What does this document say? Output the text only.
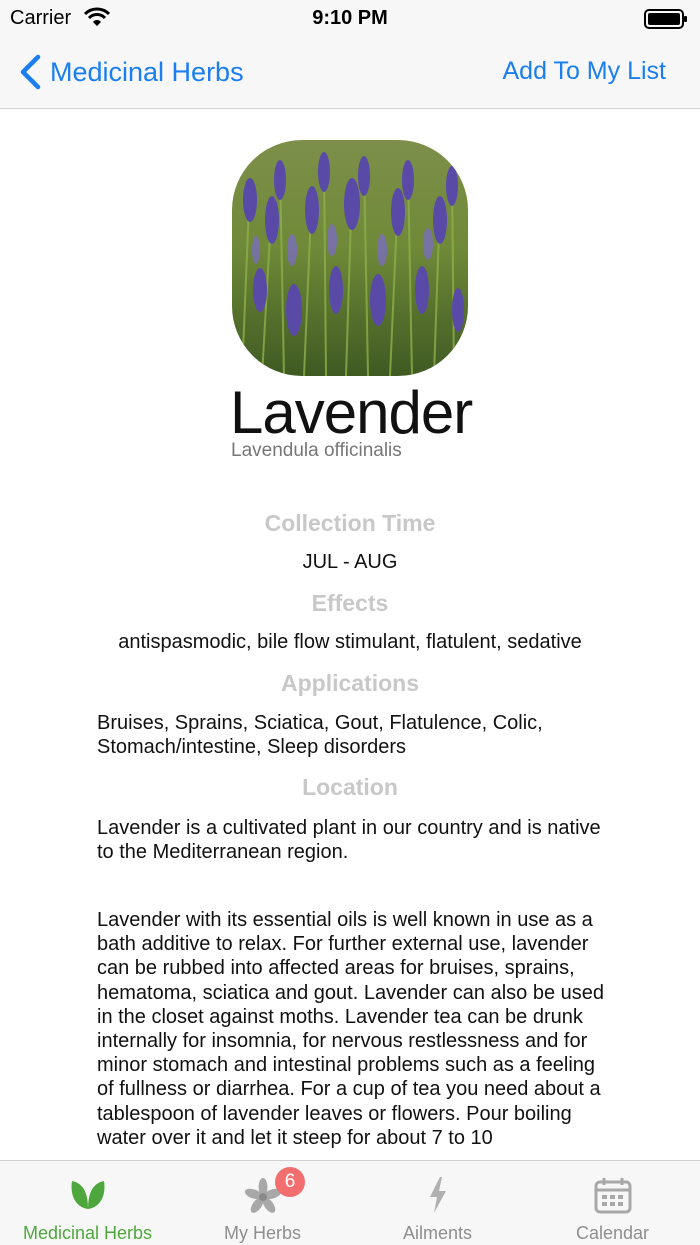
Carrier	9:10 PM
Medicinal Herbs	Add To My List
Lavender
Lavendula officinalis
Collection Time
JUL - AUG
Effects
antispasmodic, bile flow stimulant, flatulent, sedative
Applications

Bruises, Sprains, Sciatica, Gout, Flatulence, Colic, Stomach/intestine, Sleep disorders

Location

Lavender is a cultivated plant in our country and is native to the Mediterranean region.

Lavender with its essential oils is well known in use as a bath additive to relax. For further external use, lavender can be rubbed into affected areas for bruises, sprains, hematoma, sciatica and gout. Lavender can also be used in the closet against moths. Lavender tea can be drunk internally for insomnia, for nervous restlessness and for minor stomach and intestinal problems such as a feeling of fullness or diarrhea. For a cup of tea you need about a tablespoon of lavender leaves or flowers. Pour boiling water over it and let it steep for about 7 to 10

Medicinal Herbs	My Herbs
6
Ailments	Calendar
